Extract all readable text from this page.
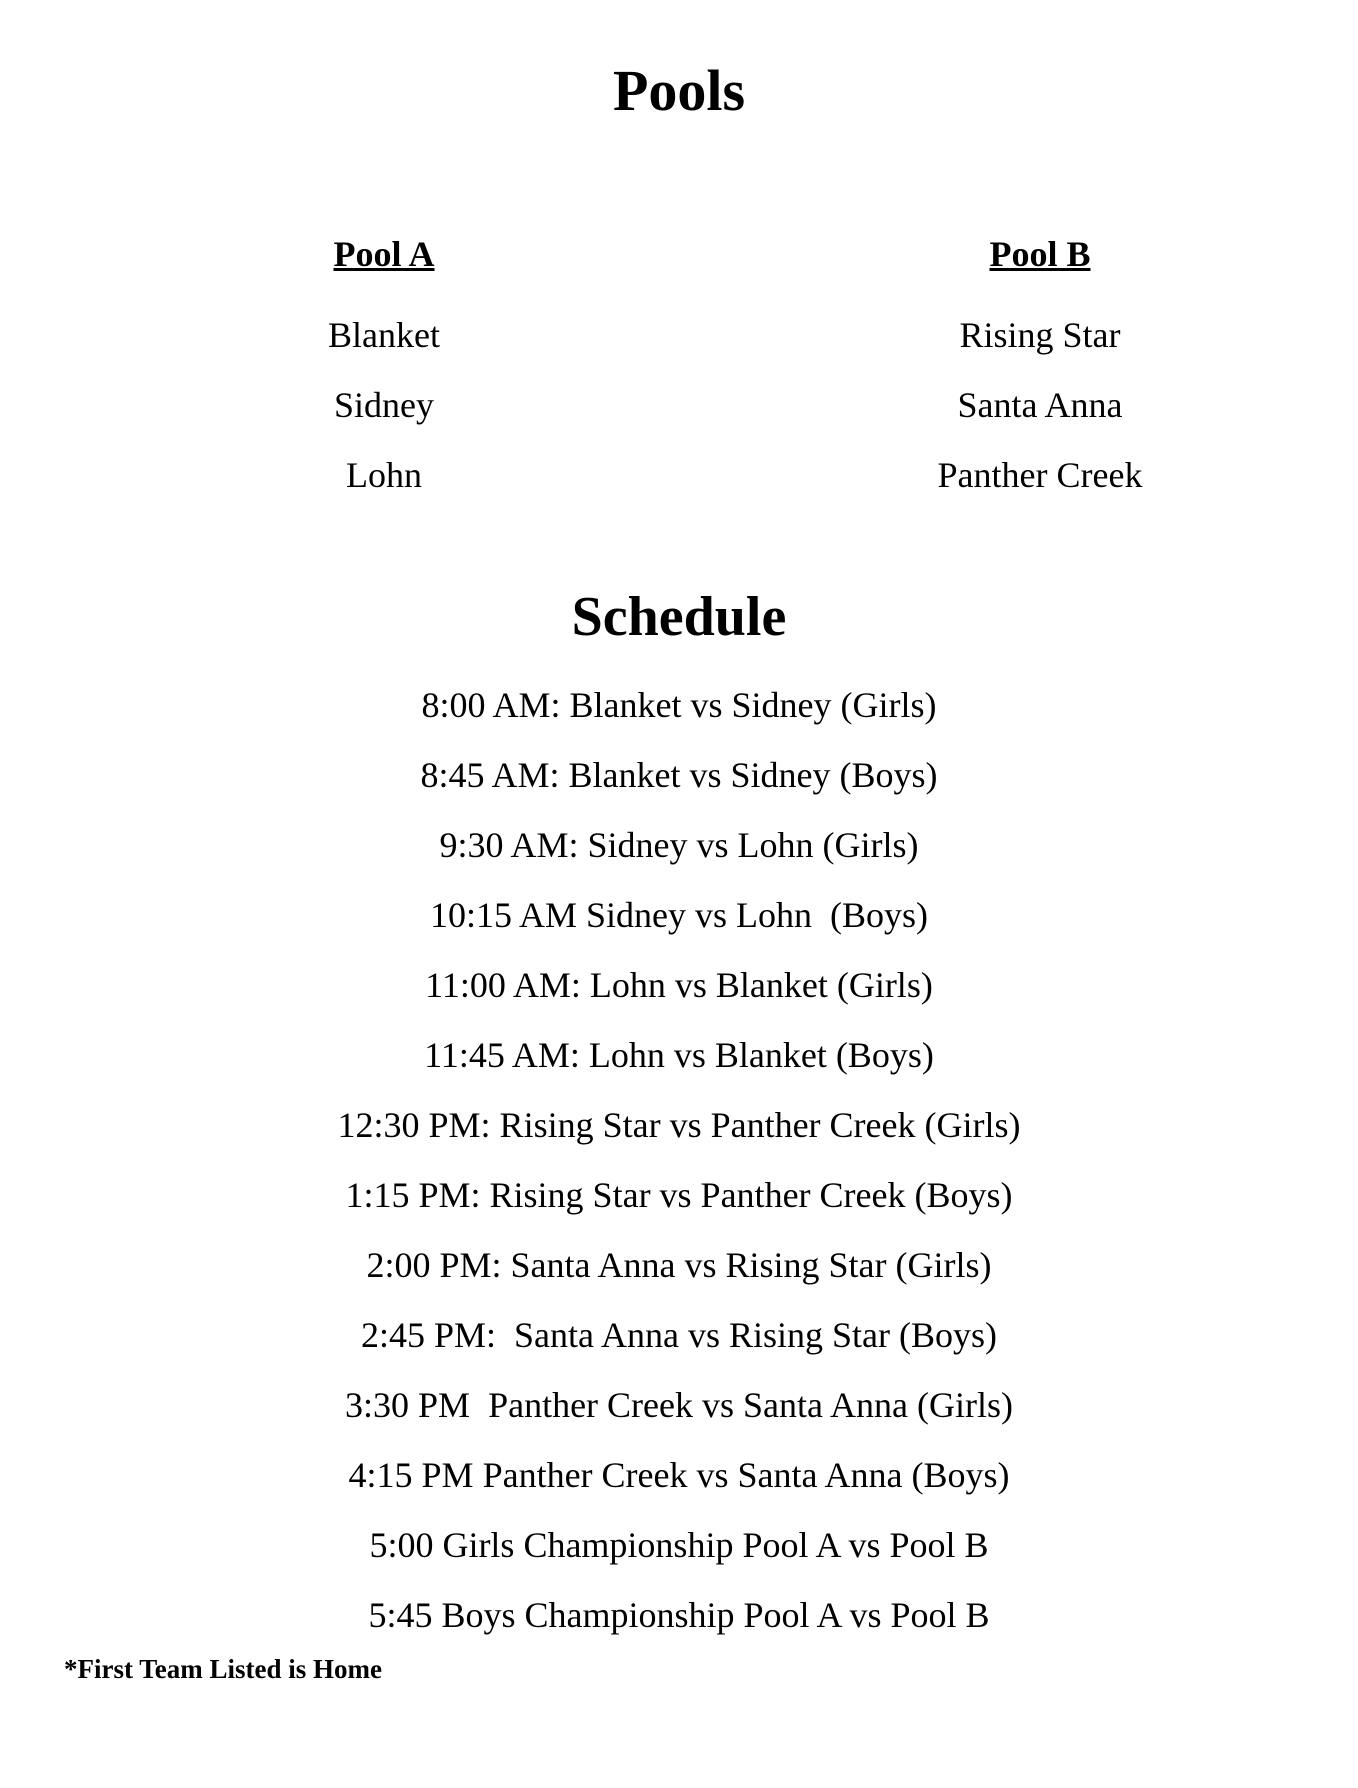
Pools
Pool A
Blanket
Sidney
Lohn
Pool B
Rising Star
Santa Anna
Panther Creek
Schedule
8:00 AM: Blanket vs Sidney (Girls)
8:45 AM: Blanket vs Sidney (Boys)
9:30 AM: Sidney vs Lohn (Girls)
10:15 AM Sidney vs Lohn  (Boys)
11:00 AM: Lohn vs Blanket (Girls)
11:45 AM: Lohn vs Blanket (Boys)
12:30 PM: Rising Star vs Panther Creek (Girls)
1:15 PM: Rising Star vs Panther Creek (Boys)
2:00 PM: Santa Anna vs Rising Star (Girls)
2:45 PM:  Santa Anna vs Rising Star (Boys)
3:30 PM  Panther Creek vs Santa Anna (Girls)
4:15 PM Panther Creek vs Santa Anna (Boys)
5:00 Girls Championship Pool A vs Pool B
5:45 Boys Championship Pool A vs Pool B
*First Team Listed is Home
